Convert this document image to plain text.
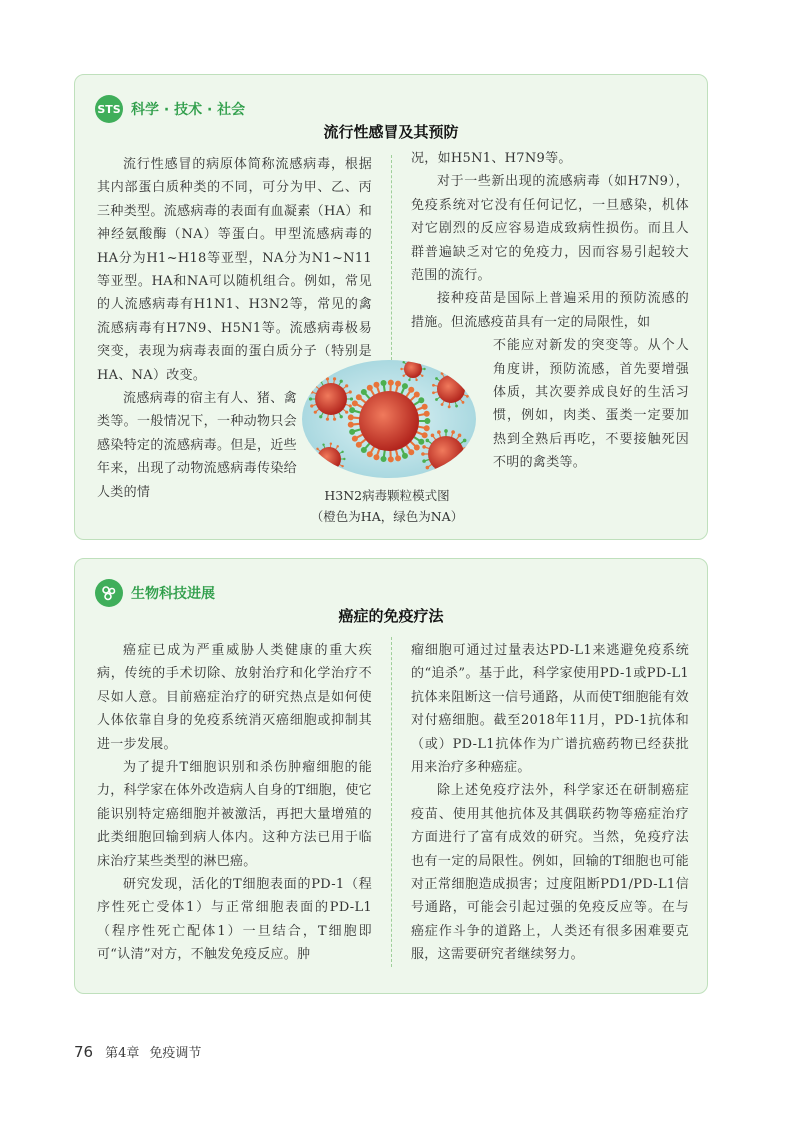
STS 科学 · 技术 · 社会
流行性感冒及其预防

流行性感冒的病原体简称流感病毒，根据其内部蛋白质种类的不同，可分为甲、乙、丙三种类型。流感病毒的表面有血凝素（HA）和神经氨酸酶（NA）等蛋白。甲型流感病毒的HA分为H1~H18等亚型，NA分为N1~N11等亚型。HA和NA可以随机组合。例如，常见的人流感病毒有H1N1、H3N2等，常见的禽流感病毒有H7N9、H5N1等。流感病毒极易突变，表现为病毒表面的蛋白质分子（特别是HA、NA）改变。

流感病毒的宿主有人、猪、禽类等。一般情况下，一种动物只会感染特定的流感病毒。但是，近些年来，出现了动物流感病毒传染给人类的情

况，如H5N1、H7N9等。

对于一些新出现的流感病毒（如H7N9），免疫系统对它没有任何记忆，一旦感染，机体对它剧烈的反应容易造成致病性损伤。而且人群普遍缺乏对它的免疫力，因而容易引起较大范围的流行。

接种疫苗是国际上普遍采用的预防流感的措施。但流感疫苗具有一定的局限性，如

不能应对新发的突变等。从个人角度讲，预防流感，首先要增强体质，其次要养成良好的生活习惯，例如，肉类、蛋类一定要加热到全熟后再吃，不要接触死因不明的禽类等。

H3N2病毒颗粒模式图
（橙色为HA，绿色为NA）
生物科技进展
癌症的免疫疗法

癌症已成为严重威胁人类健康的重大疾病，传统的手术切除、放射治疗和化学治疗不尽如人意。目前癌症治疗的研究热点是如何使人体依靠自身的免疫系统消灭癌细胞或抑制其进一步发展。

为了提升T细胞识别和杀伤肿瘤细胞的能力，科学家在体外改造病人自身的T细胞，使它能识别特定癌细胞并被激活，再把大量增殖的此类细胞回输到病人体内。这种方法已用于临床治疗某些类型的淋巴癌。

研究发现，活化的T细胞表面的PD-1（程序性死亡受体1）与正常细胞表面的PD-L1（程序性死亡配体1）一旦结合，T细胞即可“认清”对方，不触发免疫反应。肿

瘤细胞可通过过量表达PD-L1来逃避免疫系统的“追杀”。基于此，科学家使用PD-1或PD-L1抗体来阻断这一信号通路，从而使T细胞能有效对付癌细胞。截至2018年11月，PD-1抗体和（或）PD-L1抗体作为广谱抗癌药物已经获批用来治疗多种癌症。

除上述免疫疗法外，科学家还在研制癌症疫苗、使用其他抗体及其偶联药物等癌症治疗方面进行了富有成效的研究。当然，免疫疗法也有一定的局限性。例如，回输的T细胞也可能对正常细胞造成损害；过度阻断PD1/PD-L1信号通路，可能会引起过强的免疫反应等。在与癌症作斗争的道路上，人类还有很多困难要克服，这需要研究者继续努力。

76 第4章 免疫调节
